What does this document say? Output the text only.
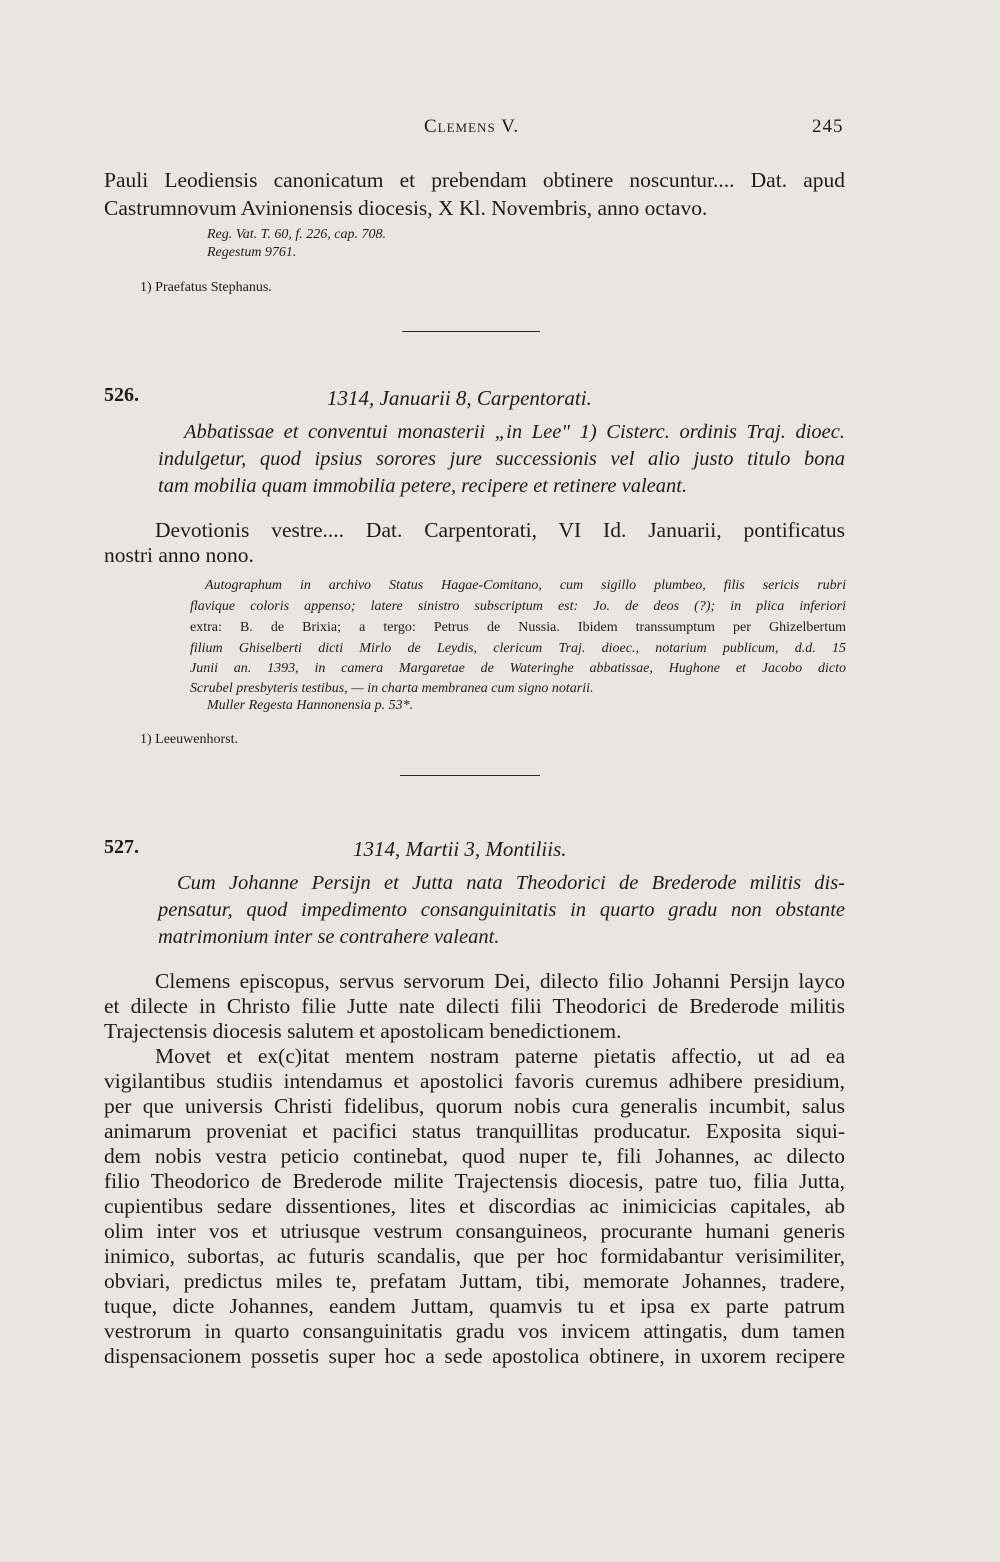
Clemens V.	245
Pauli Leodiensis canonicatum et prebendam obtinere noscuntur.... Dat. apud
Castrumnovum Avinionensis diocesis, X Kl. Novembris, anno octavo.
Reg. Vat. T. 60, f. 226, cap. 708.
Regestum 9761.
1) Praefatus Stephanus.
526.	1314, Januarii 8, Carpentorati.
Abbatissae et conventui monasterii „in Lee" 1) Cisterc. ordinis Traj. dioec.
indulgetur, quod ipsius sorores jure successionis vel alio justo titulo bona
tam mobilia quam immobilia petere, recipere et retinere valeant.
Devotionis vestre.... Dat. Carpentorati, VI Id. Januarii, pontificatus
nostri anno nono.
Autographum in archivo Status Hagae-Comitano, cum sigillo plumbeo, filis sericis rubri
flavique coloris appenso; latere sinistro subscriptum est: Jo. de deos (?); in plica inferiori
extra: B. de Brixia; a tergo: Petrus de Nussia. Ibidem transsumptum per Ghizelbertum
filium Ghiselberti dicti Mirlo de Leydis, clericum Traj. dioec., notarium publicum, d.d. 15
Junii an. 1393, in camera Margaretae de Wateringhe abbatissae, Hughone et Jacobo dicto
Scrubel presbyteris testibus, — in charta membranea cum signo notarii.
Muller Regesta Hannonensia p. 53*.
1) Leeuwenhorst.
527.	1314, Martii 3, Montiliis.
Cum Johanne Persijn et Jutta nata Theodorici de Brederode militis dis-
pensatur, quod impedimento consanguinitatis in quarto gradu non obstante
matrimonium inter se contrahere valeant.
Clemens episcopus, servus servorum Dei, dilecto filio Johanni Persijn layco
et dilecte in Christo filie Jutte nate dilecti filii Theodorici de Brederode militis
Trajectensis diocesis salutem et apostolicam benedictionem.
Movet et ex(c)itat mentem nostram paterne pietatis affectio, ut ad ea
vigilantibus studiis intendamus et apostolici favoris curemus adhibere presidium,
per que universis Christi fidelibus, quorum nobis cura generalis incumbit, salus
animarum proveniat et pacifici status tranquillitas producatur. Exposita siqui-
dem nobis vestra peticio continebat, quod nuper te, fili Johannes, ac dilecto
filio Theodorico de Brederode milite Trajectensis diocesis, patre tuo, filia Jutta,
cupientibus sedare dissentiones, lites et discordias ac inimicicias capitales, ab
olim inter vos et utriusque vestrum consanguineos, procurante humani generis
inimico, subortas, ac futuris scandalis, que per hoc formidabantur verisimiliter,
obviari, predictus miles te, prefatam Juttam, tibi, memorate Johannes, tradere,
tuque, dicte Johannes, eandem Juttam, quamvis tu et ipsa ex parte patrum
vestrorum in quarto consanguinitatis gradu vos invicem attingatis, dum tamen
dispensacionem possetis super hoc a sede apostolica obtinere, in uxorem recipere
